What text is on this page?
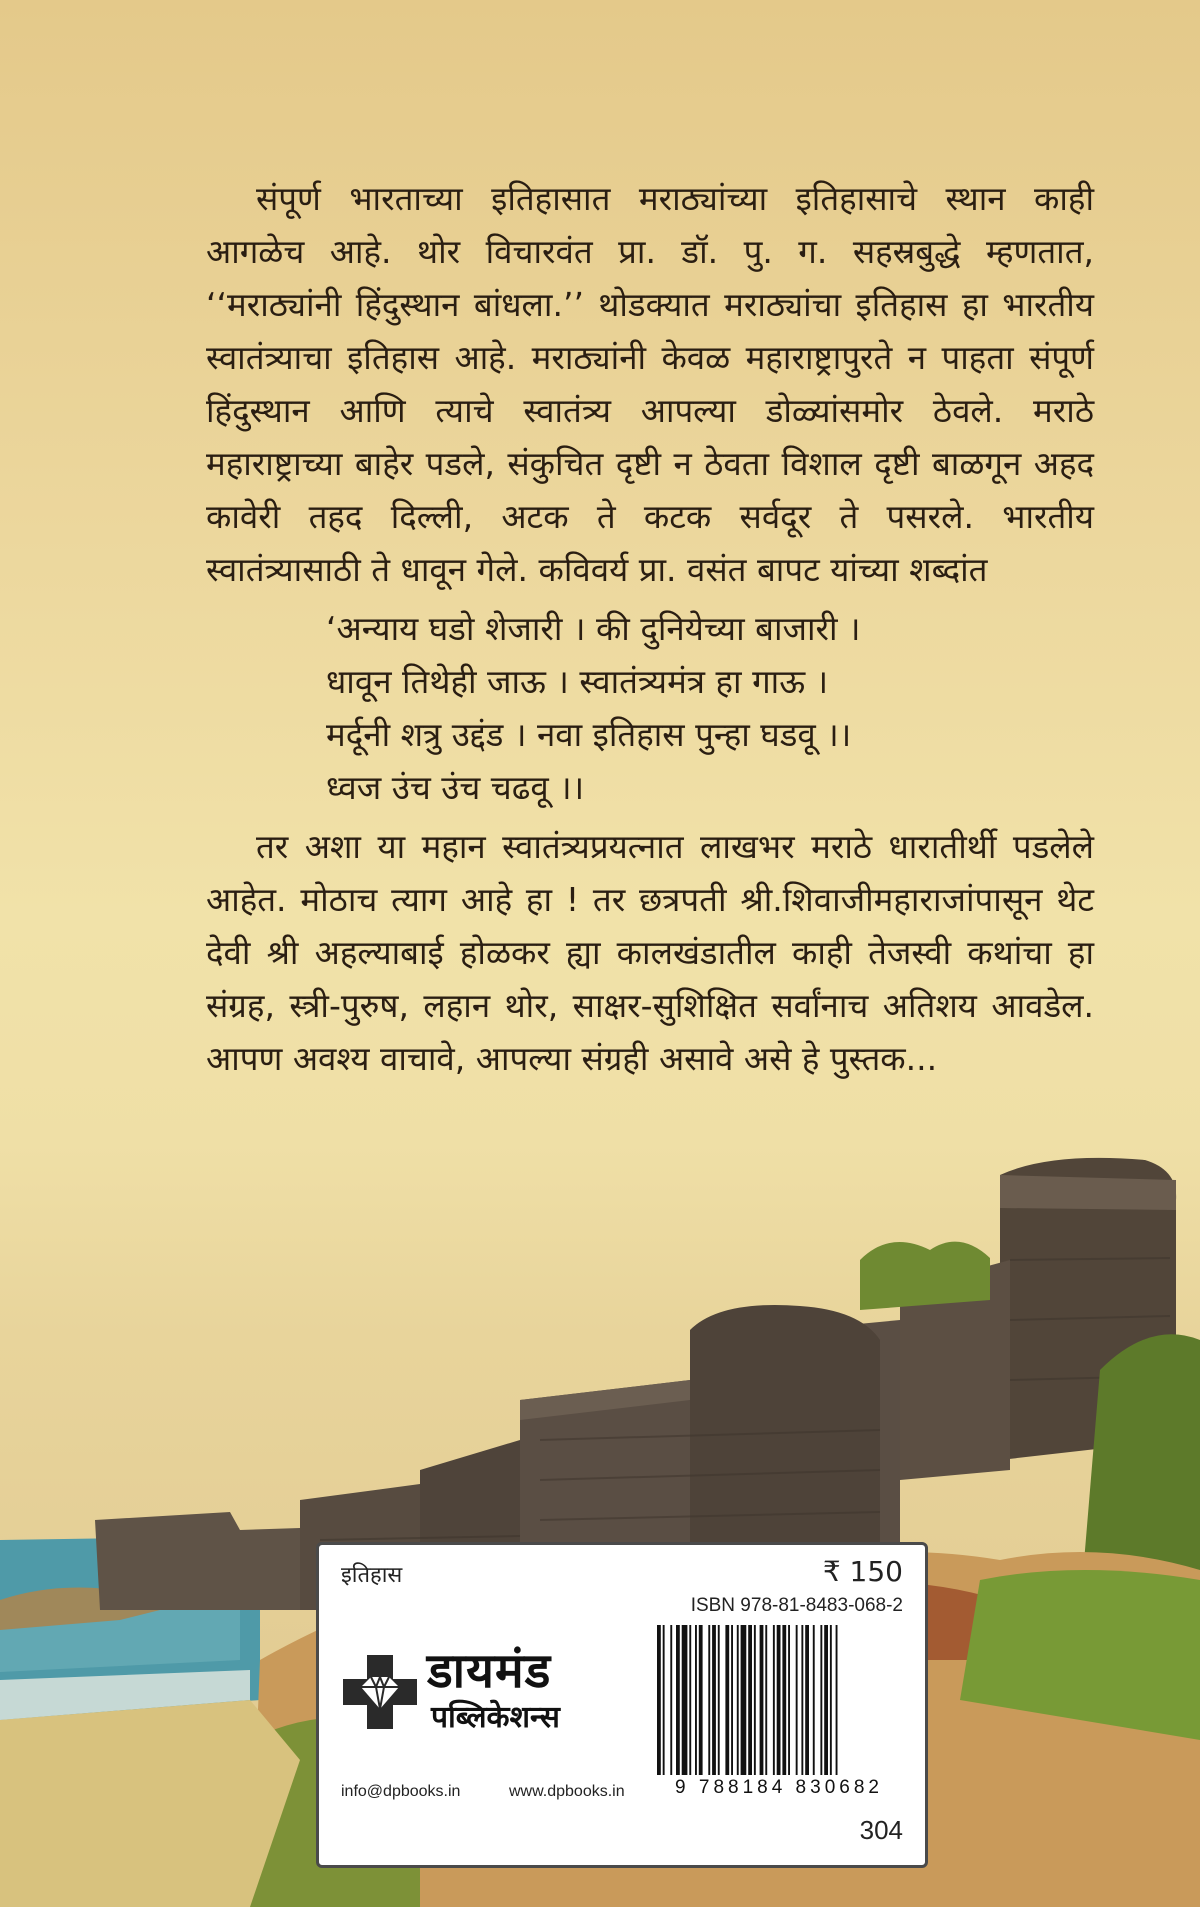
संपूर्ण भारताच्या इतिहासात मराठ्यांच्या इतिहासाचे स्थान काही आगळेच आहे. थोर विचारवंत प्रा. डॉ. पु. ग. सहस्रबुद्धे म्हणतात, ‘‘मराठ्यांनी हिंदुस्थान बांधला.’’ थोडक्यात मराठ्यांचा इतिहास हा भारतीय स्वातंत्र्याचा इतिहास आहे. मराठ्यांनी केवळ महाराष्ट्रापुरते न पाहता संपूर्ण हिंदुस्थान आणि त्याचे स्वातंत्र्य आपल्या डोळ्यांसमोर ठेवले. मराठे महाराष्ट्राच्या बाहेर पडले, संकुचित दृष्टी न ठेवता विशाल दृष्टी बाळगून अहद कावेरी तहद दिल्ली, अटक ते कटक सर्वदूर ते पसरले. भारतीय स्वातंत्र्यासाठी ते धावून गेले. कविवर्य प्रा. वसंत बापट यांच्या शब्दांत

‘अन्याय घडो शेजारी । की दुनियेच्या बाजारी ।
धावून तिथेही जाऊ । स्वातंत्र्यमंत्र हा गाऊ ।
मर्दूनी शत्रु उद्दंड । नवा इतिहास पुन्हा घडवू ।।
ध्वज उंच उंच चढवू ।।

तर अशा या महान स्वातंत्र्यप्रयत्नात लाखभर मराठे धारातीर्थी पडलेले आहेत. मोठाच त्याग आहे हा ! तर छत्रपती श्री.शिवाजीमहाराजांपासून थेट देवी श्री अहल्याबाई होळकर ह्या कालखंडातील काही तेजस्वी कथांचा हा संग्रह, स्त्री-पुरुष, लहान थोर, साक्षर-सुशिक्षित सर्वांनाच अतिशय आवडेल. आपण अवश्य वाचावे, आपल्या संग्रही असावे असे हे पुस्तक...

इतिहास	₹ 150
ISBN 978-81-8483-068-2
डायमंड
पब्लिकेशन्स
info@dpbooks.in	www.dpbooks.in	9 788184 830682
304
